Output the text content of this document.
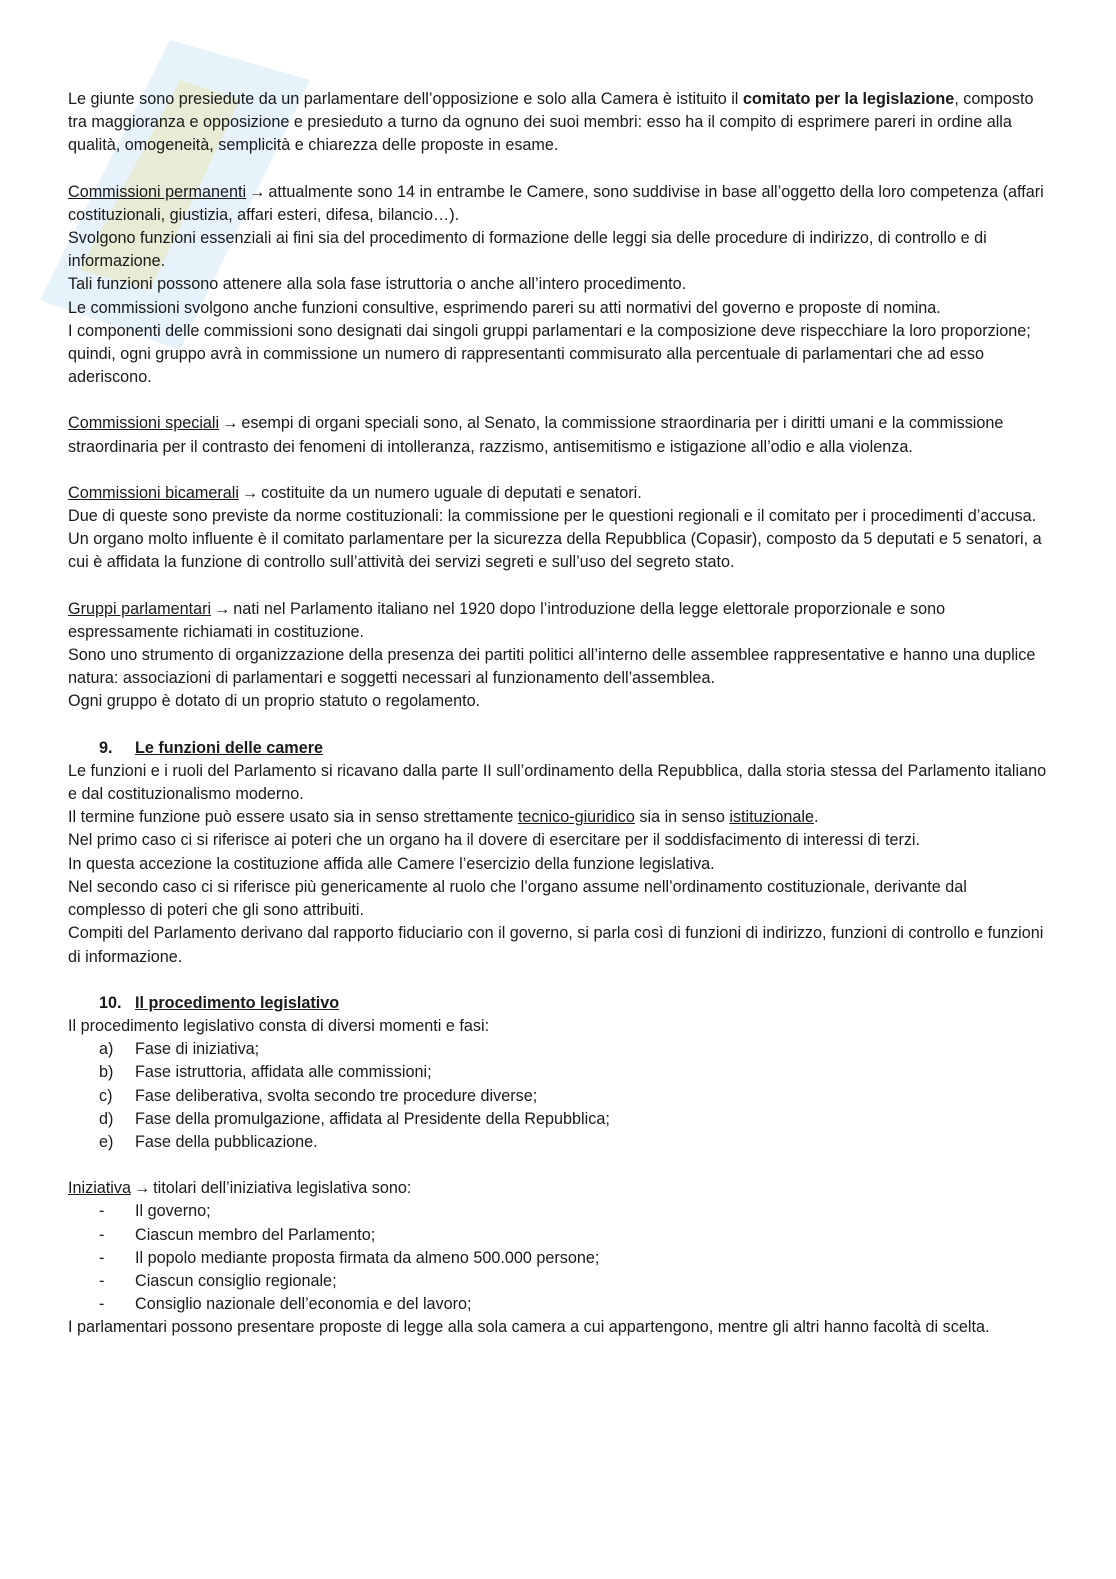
Le giunte sono presiedute da un parlamentare dell’opposizione e solo alla Camera è istituito il comitato per la legislazione, composto tra maggioranza e opposizione e presieduto a turno da ognuno dei suoi membri: esso ha il compito di esprimere pareri in ordine alla qualità, omogeneità, semplicità e chiarezza delle proposte in esame.

Commissioni permanenti → attualmente sono 14 in entrambe le Camere, sono suddivise in base all’oggetto della loro competenza (affari costituzionali, giustizia, affari esteri, difesa, bilancio…).

Svolgono funzioni essenziali ai fini sia del procedimento di formazione delle leggi sia delle procedure di indirizzo, di controllo e di informazione.

Tali funzioni possono attenere alla sola fase istruttoria o anche all’intero procedimento.

Le commissioni svolgono anche funzioni consultive, esprimendo pareri su atti normativi del governo e proposte di nomina.

I componenti delle commissioni sono designati dai singoli gruppi parlamentari e la composizione deve rispecchiare la loro proporzione; quindi, ogni gruppo avrà in commissione un numero di rappresentanti commisurato alla percentuale di parlamentari che ad esso aderiscono.

Commissioni speciali → esempi di organi speciali sono, al Senato, la commissione straordinaria per i diritti umani e la commissione straordinaria per il contrasto dei fenomeni di intolleranza, razzismo, antisemitismo e istigazione all’odio e alla violenza.

Commissioni bicamerali → costituite da un numero uguale di deputati e senatori.

Due di queste sono previste da norme costituzionali: la commissione per le questioni regionali e il comitato per i procedimenti d’accusa.

Un organo molto influente è il comitato parlamentare per la sicurezza della Repubblica (Copasir), composto da 5 deputati e 5 senatori, a cui è affidata la funzione di controllo sull’attività dei servizi segreti e sull’uso del segreto stato.

Gruppi parlamentari → nati nel Parlamento italiano nel 1920 dopo l’introduzione della legge elettorale proporzionale e sono espressamente richiamati in costituzione.

Sono uno strumento di organizzazione della presenza dei partiti politici all’interno delle assemblee rappresentative e hanno una duplice natura: associazioni di parlamentari e soggetti necessari al funzionamento dell’assemblea.

Ogni gruppo è dotato di un proprio statuto o regolamento.

9. Le funzioni delle camere

Le funzioni e i ruoli del Parlamento si ricavano dalla parte II sull’ordinamento della Repubblica, dalla storia stessa del Parlamento italiano e dal costituzionalismo moderno.

Il termine funzione può essere usato sia in senso strettamente tecnico-giuridico sia in senso istituzionale.

Nel primo caso ci si riferisce ai poteri che un organo ha il dovere di esercitare per il soddisfacimento di interessi di terzi.

In questa accezione la costituzione affida alle Camere l’esercizio della funzione legislativa.

Nel secondo caso ci si riferisce più genericamente al ruolo che l’organo assume nell’ordinamento costituzionale, derivante dal complesso di poteri che gli sono attribuiti.

Compiti del Parlamento derivano dal rapporto fiduciario con il governo, si parla così di funzioni di indirizzo, funzioni di controllo e funzioni di informazione.

10. Il procedimento legislativo

Il procedimento legislativo consta di diversi momenti e fasi:

a) Fase di iniziativa;
b) Fase istruttoria, affidata alle commissioni;
c) Fase deliberativa, svolta secondo tre procedure diverse;
d) Fase della promulgazione, affidata al Presidente della Repubblica;
e) Fase della pubblicazione.

Iniziativa → titolari dell’iniziativa legislativa sono:

- Il governo;
- Ciascun membro del Parlamento;
- Il popolo mediante proposta firmata da almeno 500.000 persone;
- Ciascun consiglio regionale;
- Consiglio nazionale dell’economia e del lavoro;

I parlamentari possono presentare proposte di legge alla sola camera a cui appartengono, mentre gli altri hanno facoltà di scelta.
